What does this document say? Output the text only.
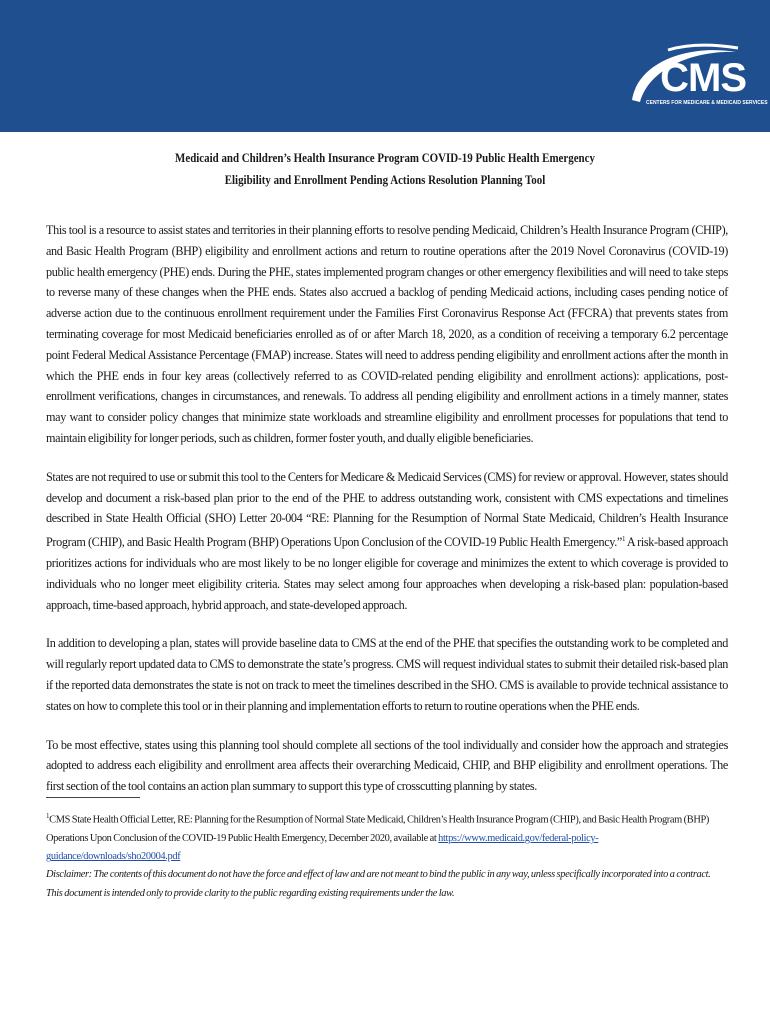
CMS
CENTERS FOR MEDICARE & MEDICAID SERVICES
Medicaid and Children’s Health Insurance Program COVID-19 Public Health Emergency
Eligibility and Enrollment Pending Actions Resolution Planning Tool

This tool is a resource to assist states and territories in their planning efforts to resolve pending Medicaid, Children’s Health Insurance Program (CHIP), and Basic Health Program (BHP) eligibility and enrollment actions and return to routine operations after the 2019 Novel Coronavirus (COVID-19) public health emergency (PHE) ends. During the PHE, states implemented program changes or other emergency flexibilities and will need to take steps to reverse many of these changes when the PHE ends. States also accrued a backlog of pending Medicaid actions, including cases pending notice of adverse action due to the continuous enrollment requirement under the Families First Coronavirus Response Act (FFCRA) that prevents states from terminating coverage for most Medicaid beneficiaries enrolled as of or after March 18, 2020, as a condition of receiving a temporary 6.2 percentage point Federal Medical Assistance Percentage (FMAP) increase. States will need to address pending eligibility and enrollment actions after the month in which the PHE ends in four key areas (collectively referred to as COVID-related pending eligibility and enrollment actions): applications, post-enrollment verifications, changes in circumstances, and renewals. To address all pending eligibility and enrollment actions in a timely manner, states may want to consider policy changes that minimize state workloads and streamline eligibility and enrollment processes for populations that tend to maintain eligibility for longer periods, such as children, former foster youth, and dually eligible beneficiaries.

States are not required to use or submit this tool to the Centers for Medicare & Medicaid Services (CMS) for review or approval. However, states should develop and document a risk-based plan prior to the end of the PHE to address outstanding work, consistent with CMS expectations and timelines described in State Health Official (SHO) Letter 20-004 “RE: Planning for the Resumption of Normal State Medicaid, Children’s Health Insurance Program (CHIP), and Basic Health Program (BHP) Operations Upon Conclusion of the COVID-19 Public Health Emergency.”$^1$ A risk-based approach prioritizes actions for individuals who are most likely to be no longer eligible for coverage and minimizes the extent to which coverage is provided to individuals who no longer meet eligibility criteria. States may select among four approaches when developing a risk-based plan: population-based approach, time-based approach, hybrid approach, and state-developed approach.

In addition to developing a plan, states will provide baseline data to CMS at the end of the PHE that specifies the outstanding work to be completed and will regularly report updated data to CMS to demonstrate the state’s progress. CMS will request individual states to submit their detailed risk-based plan if the reported data demonstrates the state is not on track to meet the timelines described in the SHO. CMS is available to provide technical assistance to states on how to complete this tool or in their planning and implementation efforts to return to routine operations when the PHE ends.

To be most effective, states using this planning tool should complete all sections of the tool individually and consider how the approach and strategies adopted to address each eligibility and enrollment area affects their overarching Medicaid, CHIP, and BHP eligibility and enrollment operations. The first section of the tool contains an action plan summary to support this type of crosscutting planning by states.

$^1$CMS State Health Official Letter, RE: Planning for the Resumption of Normal State Medicaid, Children’s Health Insurance Program (CHIP), and Basic Health Program (BHP) Operations Upon Conclusion of the COVID-19 Public Health Emergency, December 2020, available at https://www.medicaid.gov/federal-policy-guidance/downloads/sho20004.pdf
Disclaimer: The contents of this document do not have the force and effect of law and are not meant to bind the public in any way, unless specifically incorporated into a contract. This document is intended only to provide clarity to the public regarding existing requirements under the law.
